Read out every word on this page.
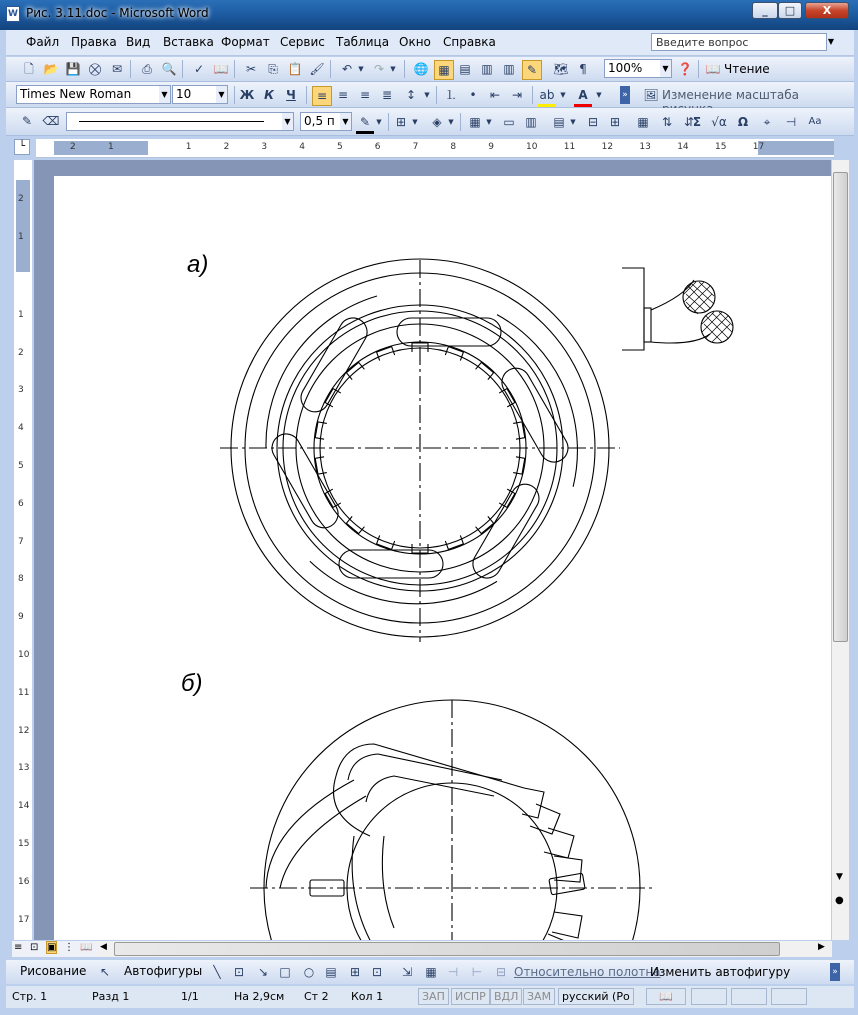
W Рис. 3.11.doc - Microsoft Word	_	□	X
Файл Правка Вид Вставка Формат Сервис Таблица Окно Справка	Введите вопрос	▼
🗋 📂 💾 ⛒ ✉	⎙ 🔍	✓ 📖	✂	⎘ 📋 🖌	↶ ▼ ↷ ▼ 🌐 ▦ ▤ ▥ ▥	✎	🗺 ¶	100%	▼ ❓ 📖 Чтение
Times New Roman	▼ 10	▼ Ж К	Ч	≡ ≡ ≡ ≣	↕	▼ ⒈	•	⇤ ⇥	ab ▼	A	▼ » 🖼 Изменение масштаба
✎ ⌫	▼	0,5 п ▼ ✎ ▼	⊞ ▼	◈ ▼ ▦ ▼ ▭ ▥ ▤ ▼	⊟ ⊞	▦	⇅ ⇵
Σ √α Ω	⌖	⊣	Aa
└	2	1	1	2	3	4	5	6	7	8	9	10	11	12	13	14	15	17
2
1
1
2
3
4
5
6
7
8
9
10
11
12
13
14
15
16
17
а)
б)
▼
●
≡ ⊡ ▣ ⋮ 📖 ◀	▶
Рисование	↖	Автофигуры ╲	⊡	↘ □	○ ▤	⊞ ⊡	⇲	▦ ⊣	⊢	⊟ Относительно полотна
Изменить автофигуру	»
Стр. 1	Разд 1	1/1	На 2,9см Ст 2 Кол 1	ЗАП ИСПР ВДЛ ЗАМ русский (Ро	📖
